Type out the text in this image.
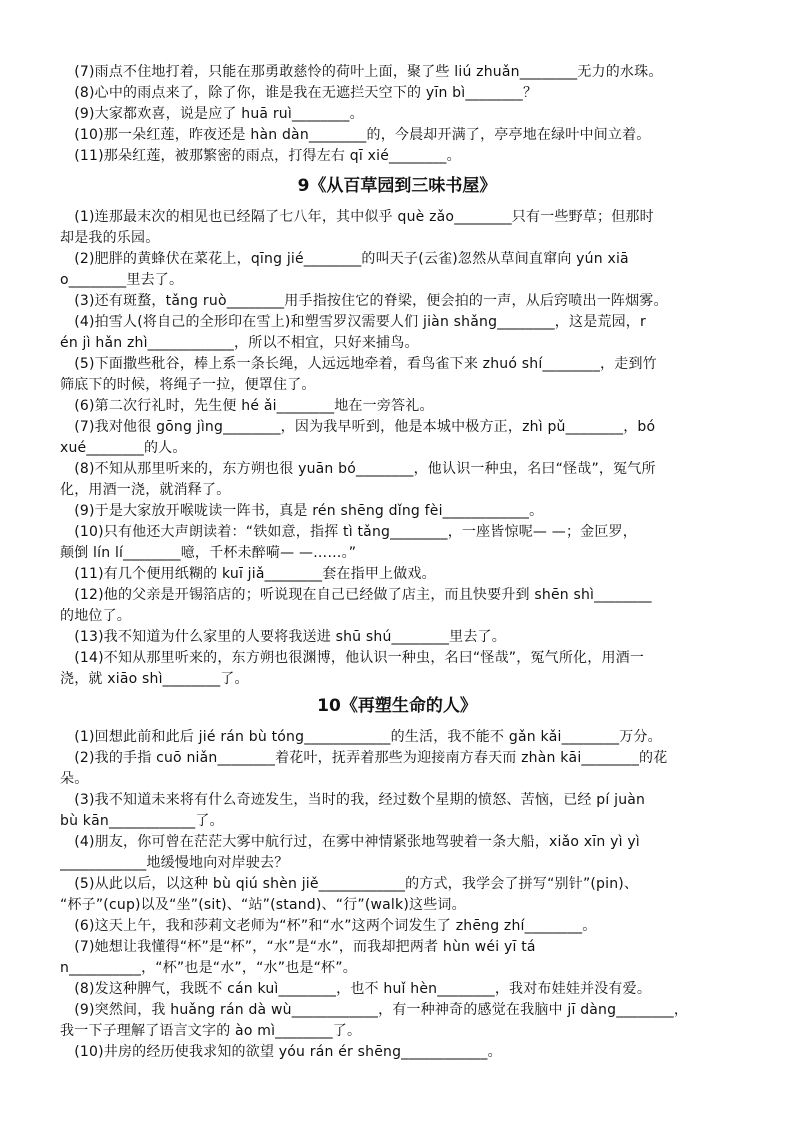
　(7)雨点不住地打着，只能在那勇敢慈怜的荷叶上面，聚了些 liú zhuǎn________无力的水珠。
　(8)心中的雨点来了，除了你，谁是我在无遮拦天空下的 yīn bì________？
　(9)大家都欢喜，说是应了 huā ruì________。
　(10)那一朵红莲，昨夜还是 hàn dàn________的，今晨却开满了，亭亭地在绿叶中间立着。
　(11)那朵红莲，被那繁密的雨点，打得左右 qī xié________。
9《从百草园到三味书屋》
　(1)连那最末次的相见也已经隔了七八年，其中似乎 què zǎo________只有一些野草；但那时
却是我的乐园。
　(2)肥胖的黄蜂伏在菜花上，qīng jié________的叫天子(云雀)忽然从草间直窜向 yún xiā
o________里去了。
　(3)还有斑蝥，tǎng ruò________用手指按住它的脊梁，便会拍的一声，从后窍喷出一阵烟雾。
　(4)拍雪人(将自己的全形印在雪上)和塑雪罗汉需要人们 jiàn shǎng________，这是荒园，r
én jì hǎn zhì____________，所以不相宜，只好来捕鸟。
　(5)下面撒些秕谷，棒上系一条长绳，人远远地牵着，看鸟雀下来 zhuó shí________，走到竹
筛底下的时候，将绳子一拉，便罩住了。
　(6)第二次行礼时，先生便 hé ǎi________地在一旁答礼。
　(7)我对他很 gōng jìng________，因为我早听到，他是本城中极方正，zhì pǔ________，bó
xué________的人。
　(8)不知从那里听来的，东方朔也很 yuān bó________，他认识一种虫，名曰“怪哉”，冤气所
化，用酒一浇，就消释了。
　(9)于是大家放开喉咙读一阵书，真是 rén shēng dǐng fèi____________。
　(10)只有他还大声朗读着：“铁如意，指挥 tì tǎng________，一座皆惊呢— —；金叵罗，
颠倒 lín lí________噫，千杯未醉嗬— —……。”
　(11)有几个便用纸糊的 kuī jiǎ________套在指甲上做戏。
　(12)他的父亲是开锡箔店的；听说现在自己已经做了店主，而且快要升到 shēn shì________
的地位了。
　(13)我不知道为什么家里的人要将我送进 shū shú________里去了。
　(14)不知从那里听来的，东方朔也很渊博，他认识一种虫，名曰“怪哉”，冤气所化，用酒一
浇，就 xiāo shì________了。
10《再塑生命的人》
　(1)回想此前和此后 jié rán bù tóng____________的生活，我不能不 gǎn kǎi________万分。
　(2)我的手指 cuō niǎn________着花叶，抚弄着那些为迎接南方春天而 zhàn kāi________的花
朵。
　(3)我不知道未来将有什么奇迹发生，当时的我，经过数个星期的愤怒、苦恼，已经 pí juàn
bù kān____________了。
　(4)朋友，你可曾在茫茫大雾中航行过，在雾中神情紧张地驾驶着一条大船，xiǎo xīn yì yì
____________地缓慢地向对岸驶去？
　(5)从此以后，以这种 bù qiú shèn jiě____________的方式，我学会了拼写“别针”(pin)、
“杯子”(cup)以及“坐”(sit)、“站”(stand)、“行”(walk)这些词。
　(6)这天上午，我和莎莉文老师为“杯”和“水”这两个词发生了 zhēng zhí________。
　(7)她想让我懂得“杯”是“杯”，“水”是“水”，而我却把两者 hùn wéi yī tá
n__________，“杯”也是“水”，“水”也是“杯”。
　(8)发这种脾气，我既不 cán kuì________，也不 huǐ hèn________，我对布娃娃并没有爱。
　(9)突然间，我 huǎng rán dà wù____________，有一种神奇的感觉在我脑中 jī dàng________，
我一下子理解了语言文字的 ào mì________了。
　(10)井房的经历使我求知的欲望 yóu rán ér shēng____________。
